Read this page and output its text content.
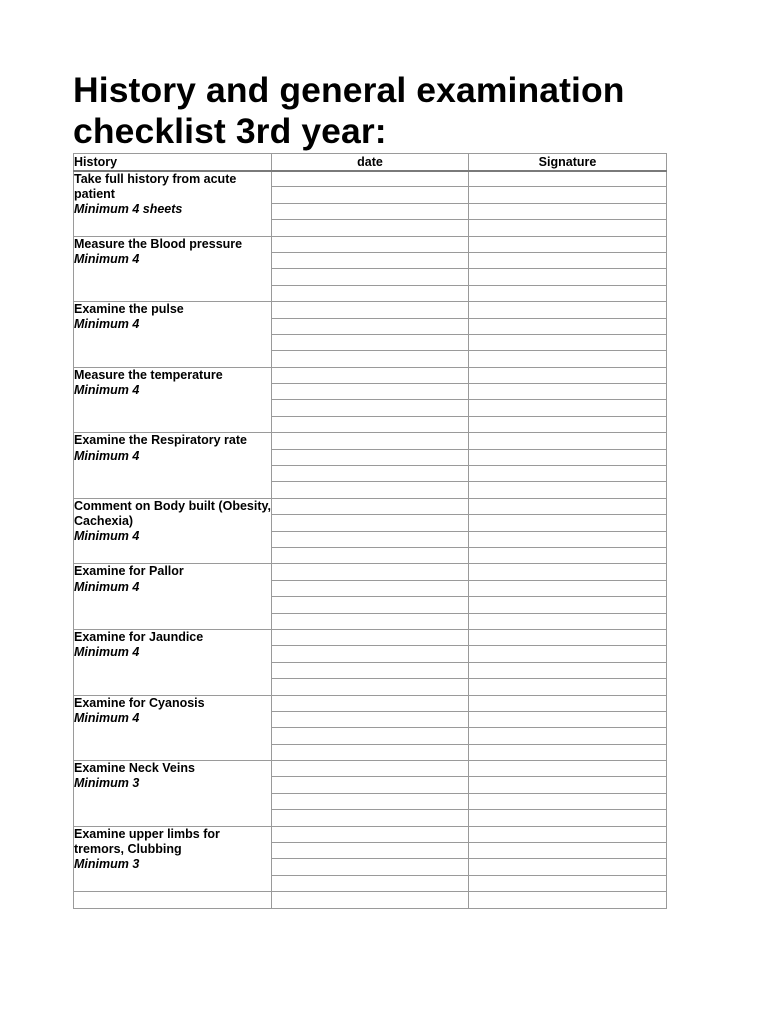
History and general examination
checklist 3rd year:
History	date	Signature

Take full history from acute patient
Minimum 4 sheets		

Measure the Blood pressure
Minimum 4		

Examine the pulse
Minimum 4		

Measure the temperature
Minimum 4		

Examine the Respiratory rate
Minimum 4		

Comment on Body built (Obesity, Cachexia)
Minimum 4		

Examine for Pallor
Minimum 4		

Examine for Jaundice
Minimum 4		

Examine for Cyanosis
Minimum 4		

Examine Neck Veins
Minimum 3		

Examine upper limbs for tremors, Clubbing
Minimum 3		
